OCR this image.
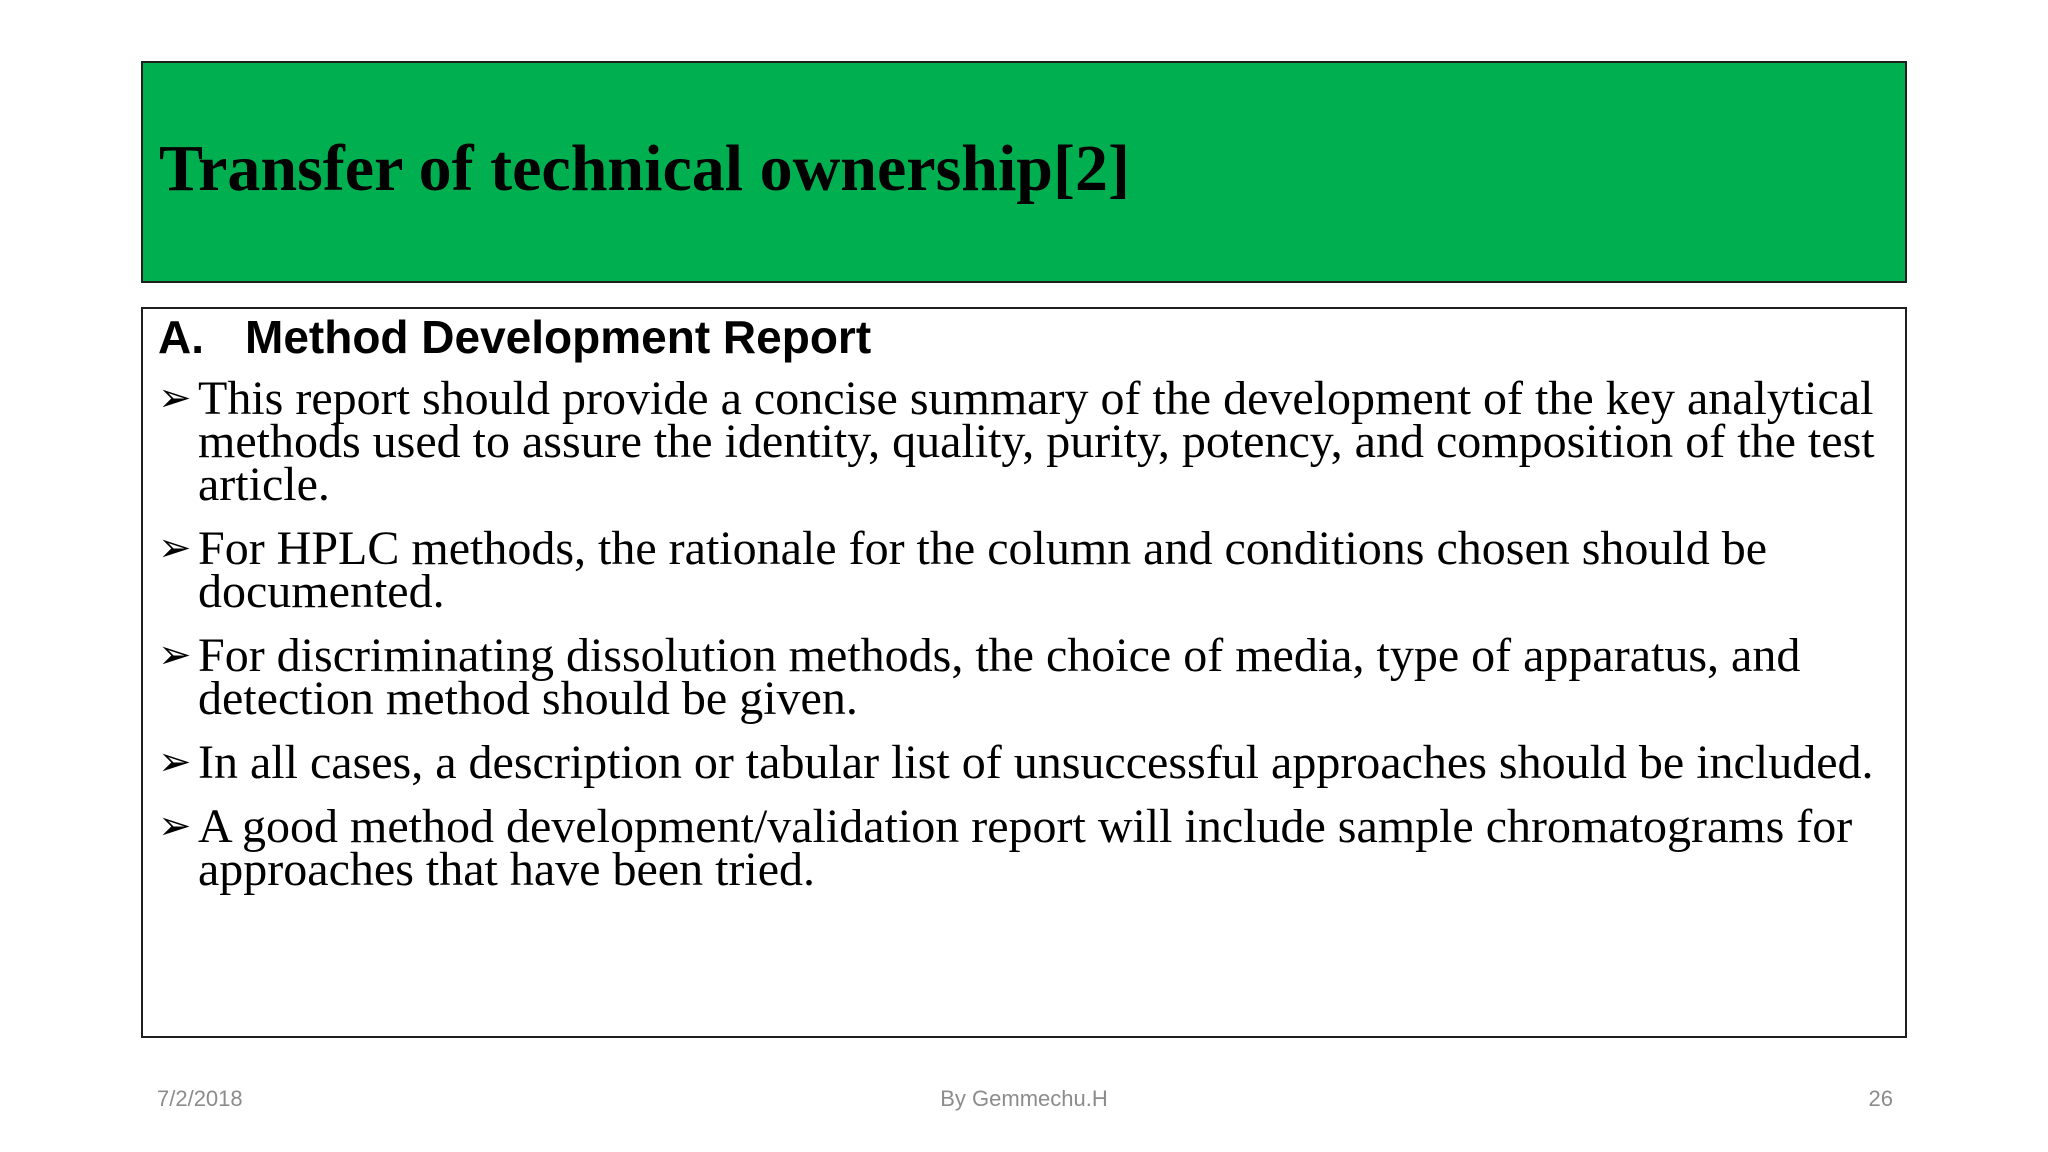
Transfer of technical ownership[2]
A. Method Development Report
➢ This report should provide a concise summary of the development of the key analytical methods used to assure the identity, quality, purity, potency, and composition of the test article.
➢ For HPLC methods, the rationale for the column and conditions chosen should be documented.
➢ For discriminating dissolution methods, the choice of media, type of apparatus, and detection method should be given.
➢ In all cases, a description or tabular list of unsuccessful approaches should be included.
➢ A good method development/validation report will include sample chromatograms for approaches that have been tried.
7/2/2018	By Gemmechu.H	26
